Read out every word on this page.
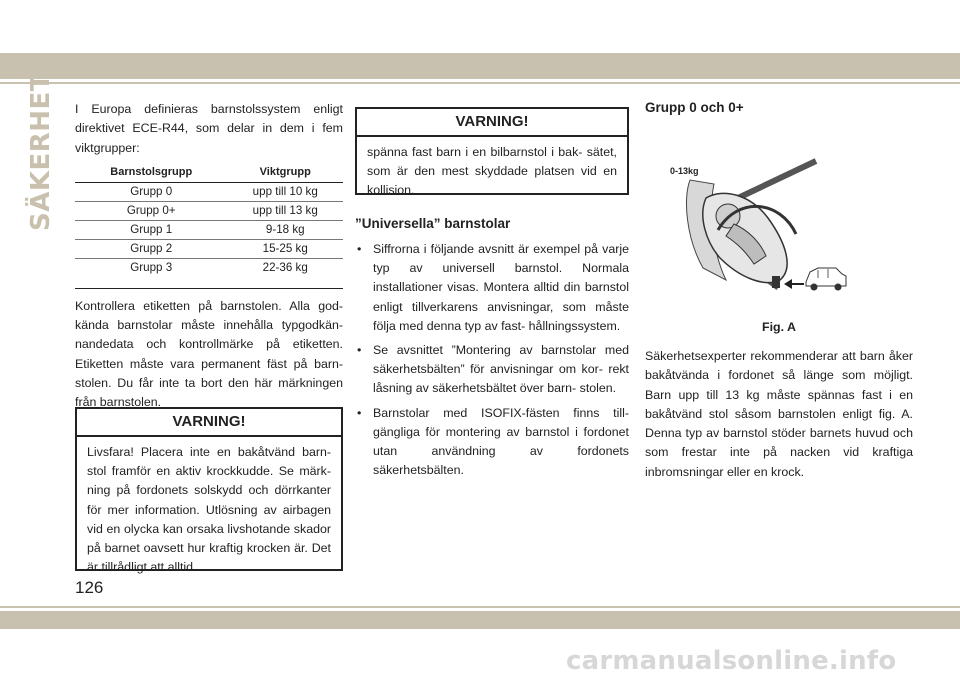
SÄKERHET I Europa definieras barnstolssystem enligt direktivet ECE-R44, som delar in dem i fem viktgrupper:

Barnstolsgrupp	Viktgrupp
Grupp 0	upp till 10 kg
Grupp 0+	upp till 13 kg
Grupp 1	9-18 kg
Grupp 2	15-25 kg
Grupp 3	22-36 kg

Kontrollera etiketten på barnstolen. Alla god- kända barnstolar måste innehålla typgodkän- nandedata och kontrollmärke på etiketten. Etiketten måste vara permanent fäst på barn- stolen. Du får inte ta bort den här märkningen från barnstolen.

VARNING!
Livsfara! Placera inte en bakåtvänd barn- stol framför en aktiv krockkudde. Se märk- ning på fordonets solskydd och dörrkanter för mer information. Utlösning av airbagen vid en olycka kan orsaka livshotande skador på barnet oavsett hur kraftig krocken är. Det är tillrådligt att alltid
VARNING!
spänna fast barn i en bilbarnstol i bak- sätet, som är den mest skyddade platsen vid en kollision.
”Universella” barnstolar
• Siffrorna i följande avsnitt är exempel på varje typ av universell barnstol. Normala installationer visas. Montera alltid din barnstol enligt tillverkarens anvisningar, som måste följa med denna typ av fast- hållningssystem.
• Se avsnittet ”Montering av barnstolar med säkerhetsbälten” för anvisningar om kor- rekt låsning av säkerhetsbältet över barn- stolen.
• Barnstolar med ISOFIX-fästen finns till- gängliga för montering av barnstol i fordonet utan användning av fordonets säkerhetsbälten.
Grupp 0 och 0+
0-13kg
Fig. A

Säkerhetsexperter rekommenderar att barn åker bakåtvända i fordonet så länge som möjligt. Barn upp till 13 kg måste spännas fast i en bakåtvänd stol såsom barnstolen enligt fig. A. Denna typ av barnstol stöder barnets huvud och som frestar inte på nacken vid kraftiga inbromsningar eller en krock.

126
carmanualsonline.info
